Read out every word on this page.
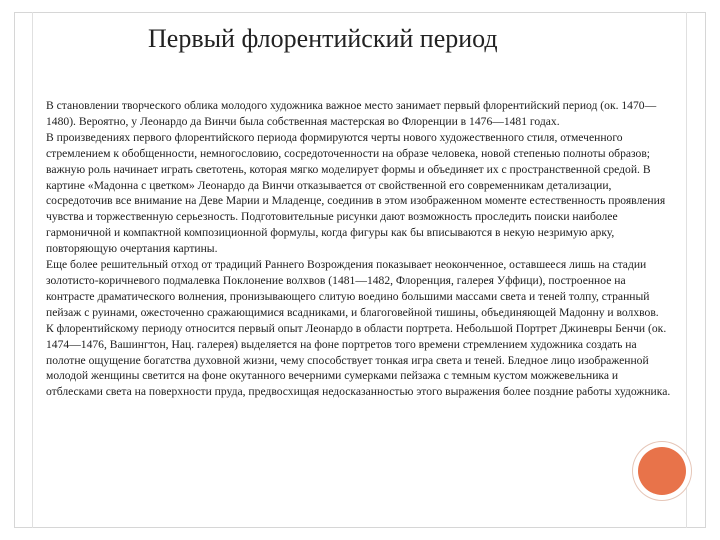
Первый флорентийский период

В становлении творческого облика молодого художника важное место занимает первый флорентийский период (ок. 1470—1480). Вероятно, у Леонардо да Винчи была собственная мастерская во Флоренции в 1476—1481 годах.

В произведениях первого флорентийского периода формируются черты нового художественного стиля, отмеченного стремлением к обобщенности, немногословию, сосредоточенности на образе человека, новой степенью полноты образов; важную роль начинает играть светотень, которая мягко моделирует формы и объединяет их с пространственной средой. В картине «Мадонна с цветком» Леонардо да Винчи отказывается от свойственной его современникам детализации, сосредоточив все внимание на Деве Марии и Младенце, соединив в этом изображенном моменте естественность проявления чувства и торжественную серьезность. Подготовительные рисунки дают возможность проследить поиски наиболее гармоничной и компактной композиционной формулы, когда фигуры как бы вписываются в некую незримую арку, повторяющую очертания картины.

Еще более решительный отход от традиций Раннего Возрождения показывает неоконченное, оставшееся лишь на стадии золотисто-коричневого подмалевка Поклонение волхвов (1481—1482, Флоренция, галерея Уффици), построенное на контрасте драматического волнения, пронизывающего слитую воедино большими массами света и теней толпу, странный пейзаж с руинами, ожесточенно сражающимися всадниками, и благоговейной тишины, объединяющей Мадонну и волхвов.

К флорентийскому периоду относится первый опыт Леонардо в области портрета. Небольшой Портрет Джиневры Бенчи (ок. 1474—1476, Вашингтон, Нац. галерея) выделяется на фоне портретов того времени стремлением художника создать на полотне ощущение богатства духовной жизни, чему способствует тонкая игра света и теней. Бледное лицо изображенной молодой женщины светится на фоне окутанного вечерними сумерками пейзажа с темным кустом можжевельника и отблесками света на поверхности пруда, предвосхищая недосказанностью этого выражения более поздние работы художника.
